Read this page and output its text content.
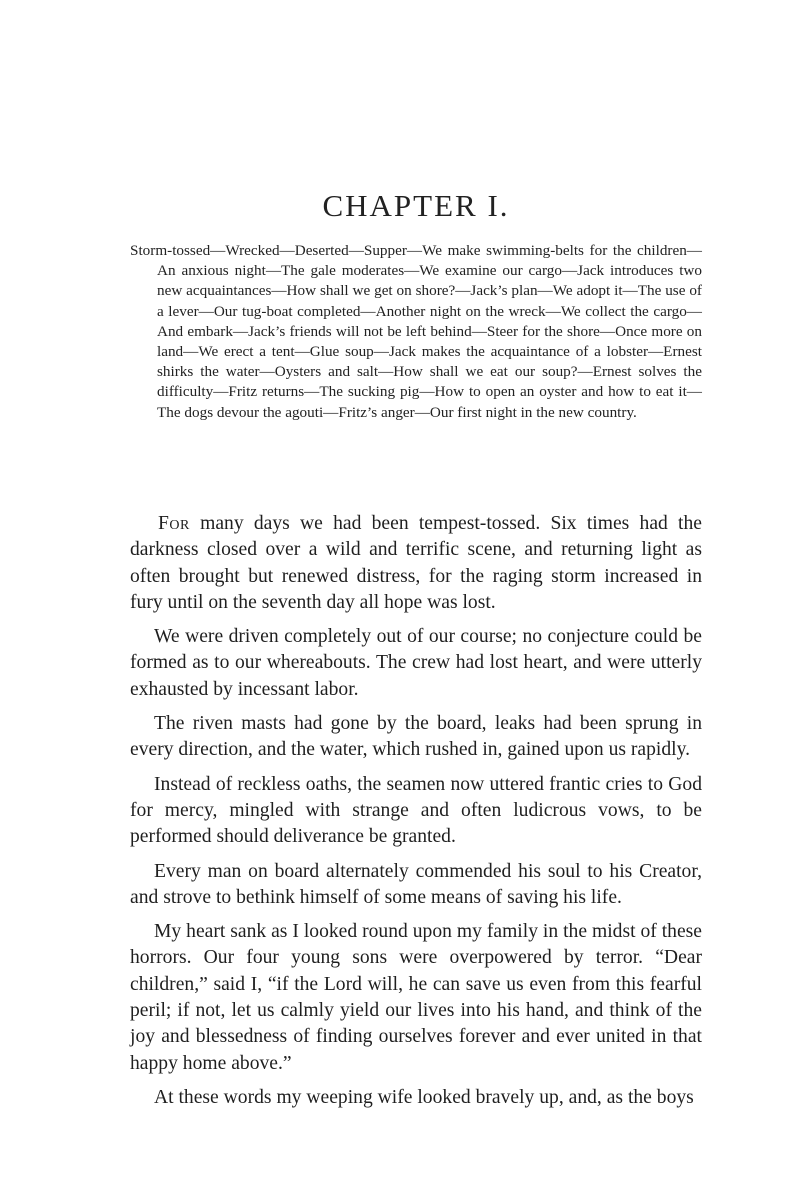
CHAPTER I.

Storm-tossed—Wrecked—Deserted—Supper—We make swimming-belts for the children—An anxious night—The gale moderates—We examine our cargo—Jack introduces two new acquaintances—How shall we get on shore?—Jack’s plan—We adopt it—The use of a lever—Our tug-boat completed—Another night on the wreck—We collect the cargo—And embark—Jack’s friends will not be left behind—Steer for the shore—Once more on land—We erect a tent—Glue soup—Jack makes the acquaintance of a lobster—Ernest shirks the water—Oysters and salt—How shall we eat our soup?—Ernest solves the difficulty—Fritz returns—The sucking pig—How to open an oyster and how to eat it—The dogs devour the agouti—Fritz’s anger—Our first night in the new country.

For many days we had been tempest-tossed. Six times had the darkness closed over a wild and terrific scene, and returning light as often brought but renewed distress, for the raging storm increased in fury until on the seventh day all hope was lost.

We were driven completely out of our course; no conjecture could be formed as to our whereabouts. The crew had lost heart, and were utterly exhausted by incessant labor.

The riven masts had gone by the board, leaks had been sprung in every direction, and the water, which rushed in, gained upon us rapidly.

Instead of reckless oaths, the seamen now uttered frantic cries to God for mercy, mingled with strange and often ludicrous vows, to be performed should deliverance be granted.

Every man on board alternately commended his soul to his Creator, and strove to bethink himself of some means of saving his life.

My heart sank as I looked round upon my family in the midst of these horrors. Our four young sons were overpowered by terror. “Dear children,” said I, “if the Lord will, he can save us even from this fearful peril; if not, let us calmly yield our lives into his hand, and think of the joy and blessedness of finding ourselves forever and ever united in that happy home above.”

At these words my weeping wife looked bravely up, and, as the boys
